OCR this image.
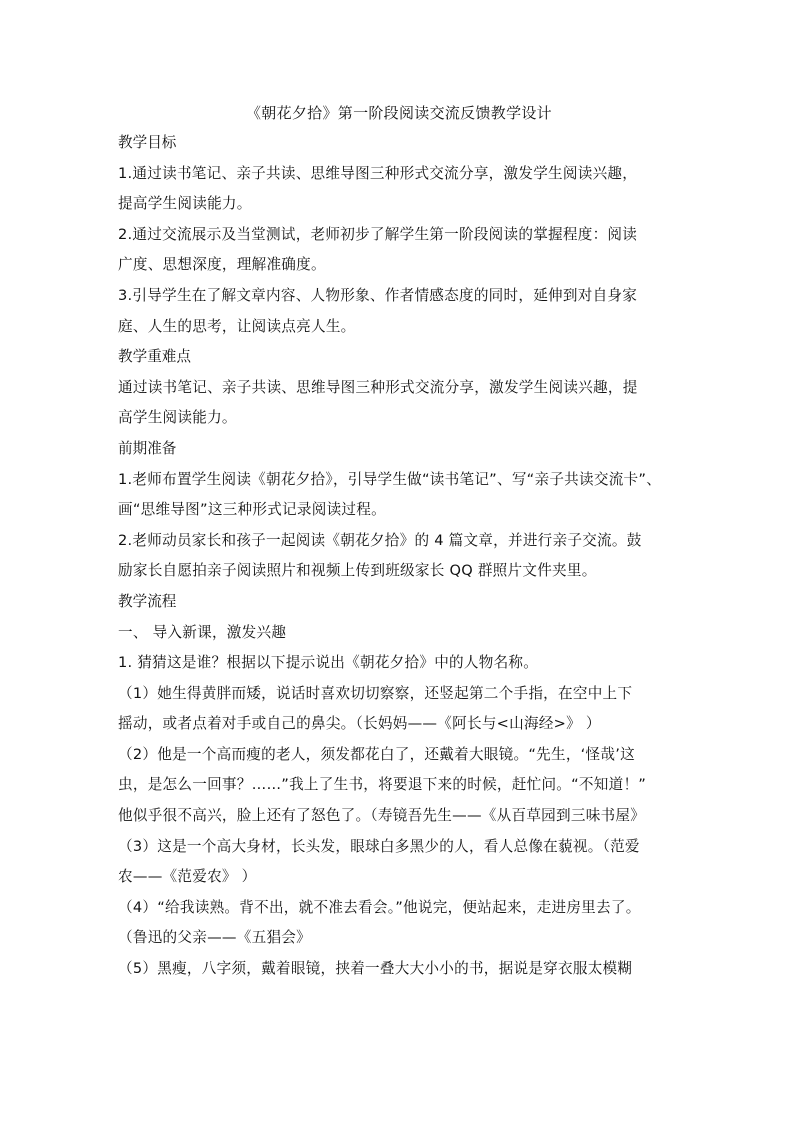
《朝花夕拾》第一阶段阅读交流反馈教学设计

教学目标

1.通过读书笔记、亲子共读、思维导图三种形式交流分享，激发学生阅读兴趣，

提高学生阅读能力。

2.通过交流展示及当堂测试，老师初步了解学生第一阶段阅读的掌握程度：阅读

广度、思想深度，理解准确度。

3.引导学生在了解文章内容、人物形象、作者情感态度的同时，延伸到对自身家

庭、人生的思考，让阅读点亮人生。

教学重难点

通过读书笔记、亲子共读、思维导图三种形式交流分享，激发学生阅读兴趣，提

高学生阅读能力。

前期准备

1.老师布置学生阅读《朝花夕拾》，引导学生做“读书笔记”、写“亲子共读交流卡”、

画“思维导图”这三种形式记录阅读过程。

2.老师动员家长和孩子一起阅读《朝花夕拾》的 4 篇文章，并进行亲子交流。鼓

励家长自愿拍亲子阅读照片和视频上传到班级家长 QQ 群照片文件夹里。

教学流程

一、 导入新课，激发兴趣

1. 猜猜这是谁？根据以下提示说出《朝花夕拾》中的人物名称。

（1）她生得黄胖而矮，说话时喜欢切切察察，还竖起第二个手指，在空中上下

摇动，或者点着对手或自己的鼻尖。（长妈妈——《阿长与<山海经>》 ）

（2）他是一个高而瘦的老人，须发都花白了，还戴着大眼镜。“先生，‘怪哉’这

虫，是怎么一回事？……”我上了生书，将要退下来的时候，赶忙问。“不知道！”

他似乎很不高兴，脸上还有了怒色了。（寿镜吾先生——《从百草园到三味书屋》

（3）这是一个高大身材，长头发，眼球白多黑少的人，看人总像在藐视。（范爱

农——《范爱农》 ）

（4）“给我读熟。背不出，就不准去看会。”他说完，便站起来，走进房里去了。

（鲁迅的父亲——《五猖会》

（5）黑瘦，八字须，戴着眼镜，挟着一叠大大小小的书，据说是穿衣服太模糊
